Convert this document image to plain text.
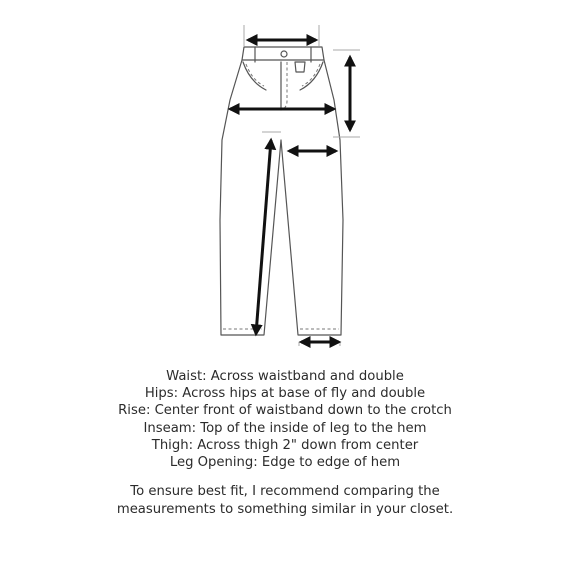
Waist: Across waistband and double
Hips: Across hips at base of fly and double
Rise: Center front of waistband down to the crotch
Inseam: Top of the inside of leg to the hem
Thigh: Across thigh 2" down from center
Leg Opening: Edge to edge of hem
To ensure best fit, I recommend comparing the
measurements to something similar in your closet.
